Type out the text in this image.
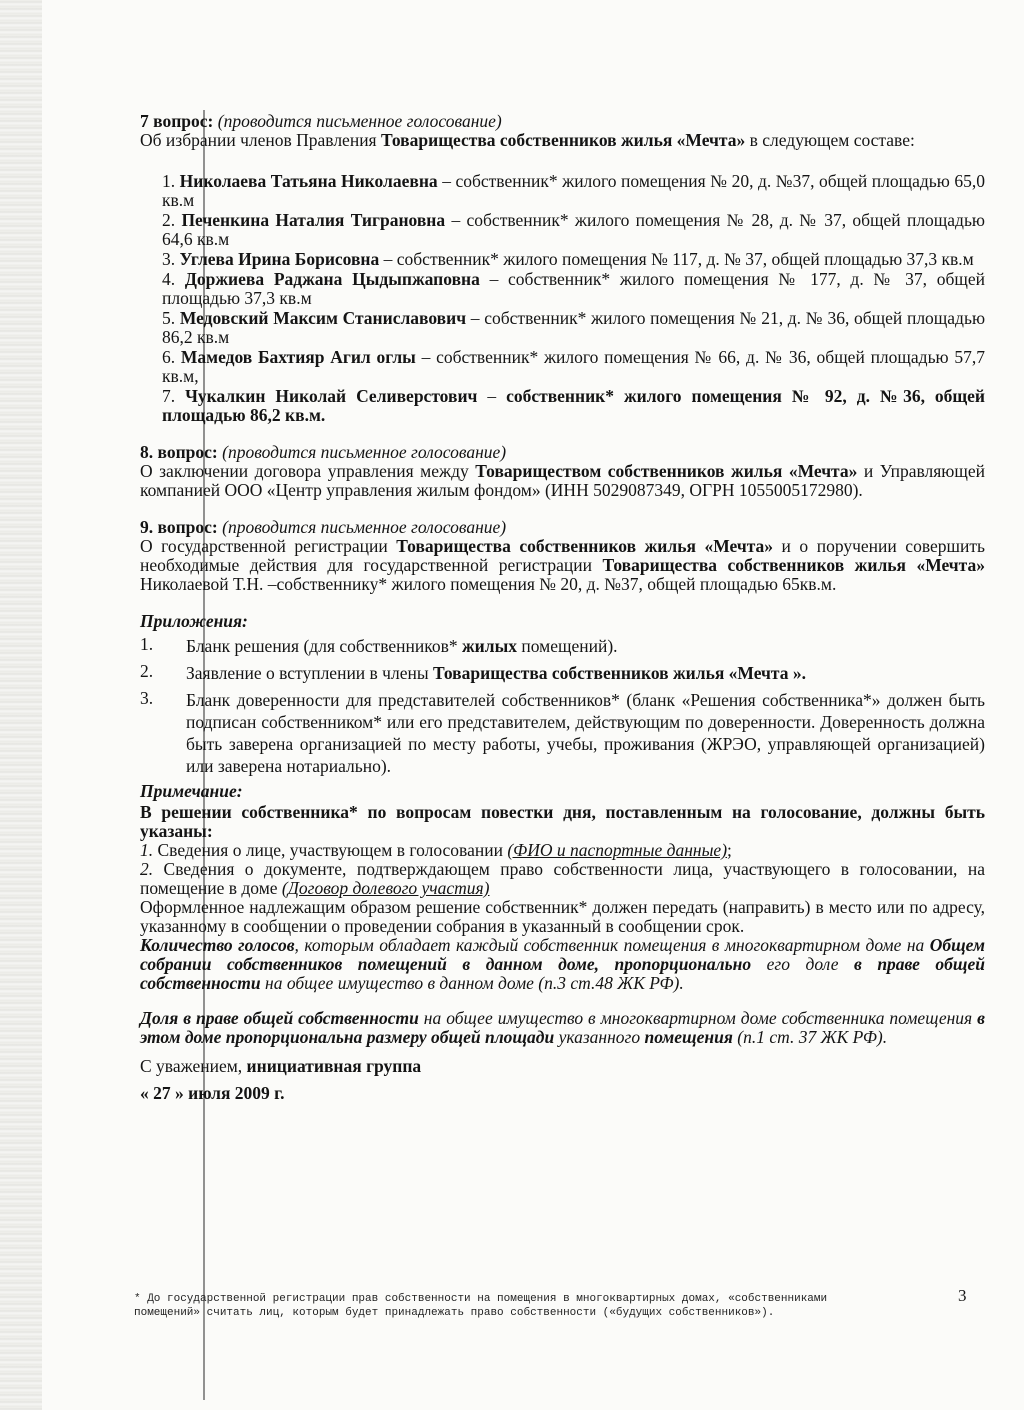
7 вопрос: (проводится письменное голосование)
Об избрании членов Правления Товарищества собственников жилья «Мечта» в следующем составе:
1. Николаева Татьяна Николаевна – собственник* жилого помещения № 20, д. №37, общей площадью 65,0 кв.м
2. Печенкина Наталия Тиграновна – собственник* жилого помещения № 28, д. № 37, общей площадью 64,6 кв.м
3. Углева Ирина Борисовна – собственник* жилого помещения № 117, д. № 37, общей площадью 37,3 кв.м
4. Доржиева Раджана Цыдыпжаповна – собственник* жилого помещения № 177, д. № 37, общей площадью 37,3 кв.м
5. Медовский Максим Станиславович – собственник* жилого помещения № 21, д. № 36, общей площадью 86,2 кв.м
6. Мамедов Бахтияр Агил оглы – собственник* жилого помещения № 66, д. № 36, общей площадью 57,7 кв.м,
7. Чукалкин Николай Селиверстович – собственник* жилого помещения № 92, д. №36, общей площадью 86,2 кв.м.
8. вопрос: (проводится письменное голосование)
О заключении договора управления между Товариществом собственников жилья «Мечта» и Управляющей компанией ООО «Центр управления жилым фондом» (ИНН 5029087349, ОГРН 1055005172980).
9. вопрос: (проводится письменное голосование)
О государственной регистрации Товарищества собственников жилья «Мечта» и о поручении совершить необходимые действия для государственной регистрации Товарищества собственников жилья «Мечта» Николаевой Т.Н. –собственнику* жилого помещения № 20, д. №37, общей площадью 65кв.м.
Приложения:
1.	Бланк решения (для собственников* жилых помещений).
2.	Заявление о вступлении в члены Товарищества собственников жилья «Мечта ».
3.	Бланк доверенности для представителей собственников* (бланк «Решения собственника*» должен быть подписан собственником* или его представителем, действующим по доверенности. Доверенность должна быть заверена организацией по месту работы, учебы, проживания (ЖРЭО, управляющей организацией) или заверена нотариально).
Примечание:
В решении собственника* по вопросам повестки дня, поставленным на голосование, должны быть указаны:
1. Сведения о лице, участвующем в голосовании (ФИО и паспортные данные);
2. Сведения о документе, подтверждающем право собственности лица, участвующего в голосовании, на помещение в доме (Договор долевого участия)
Оформленное надлежащим образом решение собственник* должен передать (направить) в место или по адресу, указанному в сообщении о проведении собрания в указанный в сообщении срок.
Количество голосов, которым обладает каждый собственник помещения в многоквартирном доме на Общем собрании собственников помещений в данном доме, пропорционально его доле в праве общей собственности на общее имущество в данном доме (п.3 ст.48 ЖК РФ).
Доля в праве общей собственности на общее имущество в многоквартирном доме собственника помещения в этом доме пропорциональна размеру общей площади указанного помещения (п.1 ст. 37 ЖК РФ).
С уважением, инициативная группа
« 27 » июля 2009 г.
3
* До государственной регистрации прав собственности на помещения в многоквартирных домах, «собственниками помещений» считать лиц, которым будет принадлежать право собственности («будущих собственников»).
